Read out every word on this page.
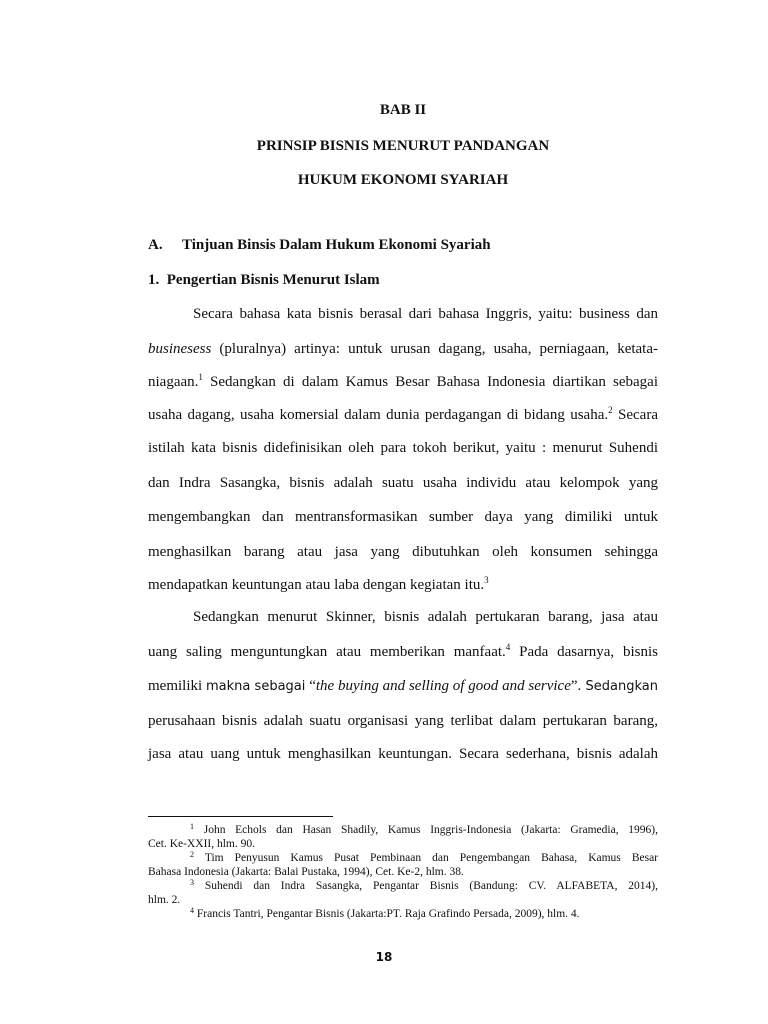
BAB II
PRINSIP BISNIS MENURUT PANDANGAN
HUKUM EKONOMI SYARIAH
A. Tinjuan Binsis Dalam Hukum Ekonomi Syariah
1. Pengertian Bisnis Menurut Islam
Secara bahasa kata bisnis berasal dari bahasa Inggris, yaitu: business dan
businesess (pluralnya) artinya: untuk urusan dagang, usaha, perniagaan, ketata-
niagaan.$^1$ Sedangkan di dalam Kamus Besar Bahasa Indonesia diartikan sebagai
usaha dagang, usaha komersial dalam dunia perdagangan di bidang usaha.$^2$ Secara
istilah kata bisnis didefinisikan oleh para tokoh berikut, yaitu : menurut Suhendi
dan Indra Sasangka, bisnis adalah suatu usaha individu atau kelompok yang
mengembangkan dan mentransformasikan sumber daya yang dimiliki untuk
menghasilkan barang atau jasa yang dibutuhkan oleh konsumen sehingga
mendapatkan keuntungan atau laba dengan kegiatan itu.$^3$
Sedangkan menurut Skinner, bisnis adalah pertukaran barang, jasa atau
uang saling menguntungkan atau memberikan manfaat.$^4$ Pada dasarnya, bisnis
memiliki makna sebagai “the buying and selling of good and service”. Sedangkan
perusahaan bisnis adalah suatu organisasi yang terlibat dalam pertukaran barang,
jasa atau uang untuk menghasilkan keuntungan. Secara sederhana, bisnis adalah
$^1$ John Echols dan Hasan Shadily, Kamus Inggris-Indonesia (Jakarta: Gramedia, 1996),
Cet. Ke-XXII, hlm. 90.
$^2$ Tim Penyusun Kamus Pusat Pembinaan dan Pengembangan Bahasa, Kamus Besar
Bahasa Indonesia (Jakarta: Balai Pustaka, 1994), Cet. Ke-2, hlm. 38.
$^3$ Suhendi dan Indra Sasangka, Pengantar Bisnis (Bandung: CV. ALFABETA, 2014),
hlm. 2.
$^4$ Francis Tantri, Pengantar Bisnis (Jakarta:PT. Raja Grafindo Persada, 2009), hlm. 4.
18
